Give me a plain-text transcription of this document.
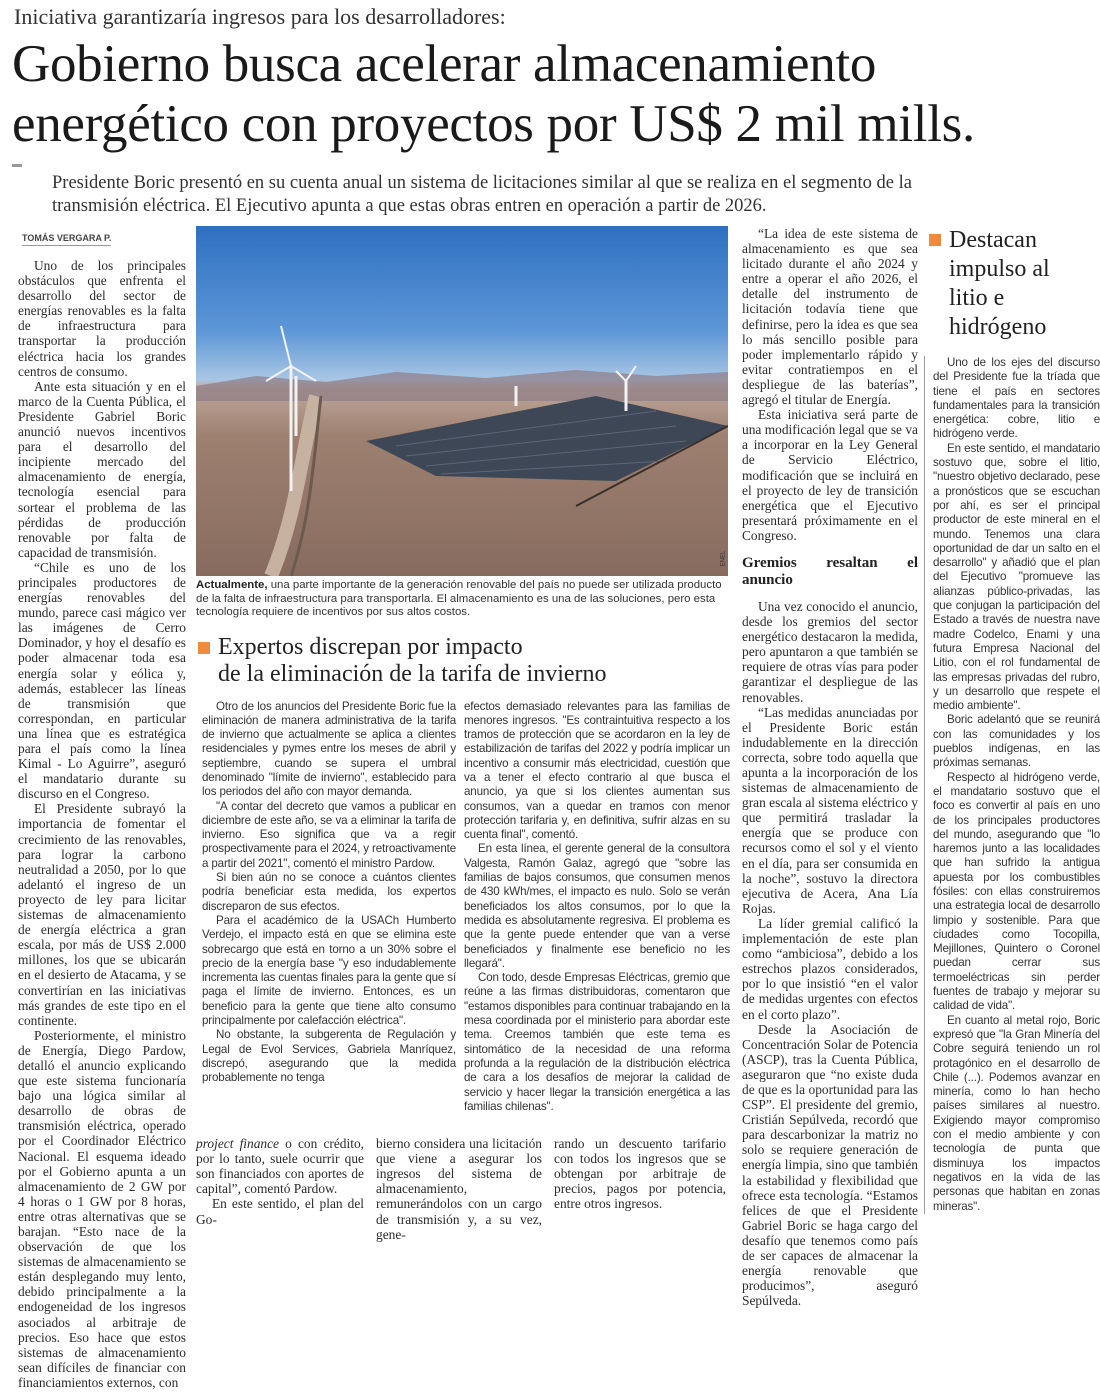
Iniciativa garantizaría ingresos para los desarrolladores:
Gobierno busca acelerar almacenamiento energético con proyectos por US$ 2 mil mills.
Presidente Boric presentó en su cuenta anual un sistema de licitaciones similar al que se realiza en el segmento de la transmisión eléctrica. El Ejecutivo apunta a que estas obras entren en operación a partir de 2026.
TOMÁS VERGARA P.

Uno de los principales obstáculos que enfrenta el desarrollo del sector de energías renovables es la falta de infraestructura para transportar la producción eléctrica hacia los grandes centros de consumo.

Ante esta situación y en el marco de la Cuenta Pública, el Presidente Gabriel Boric anunció nuevos incentivos para el desarrollo del incipiente mercado del almacenamiento de energía, tecnología esencial para sortear el problema de las pérdidas de producción renovable por falta de capacidad de transmisión.

“Chile es uno de los principales productores de energías renovables del mundo, parece casi mágico ver las imágenes de Cerro Dominador, y hoy el desafío es poder almacenar toda esa energía solar y eólica y, además, establecer las líneas de transmisión que correspondan, en particular una línea que es estratégica para el país como la línea Kimal - Lo Aguirre”, aseguró el mandatario durante su discurso en el Congreso.

El Presidente subrayó la importancia de fomentar el crecimiento de las renovables, para lograr la carbono neutralidad a 2050, por lo que adelantó el ingreso de un proyecto de ley para licitar sistemas de almacenamiento de energía eléctrica a gran escala, por más de US$ 2.000 millones, los que se ubicarán en el desierto de Atacama, y se convertirían en las iniciativas más grandes de este tipo en el continente.

Posteriormente, el ministro de Energía, Diego Pardow, detalló el anuncio explicando que este sistema funcionaría bajo una lógica similar al desarrollo de obras de transmisión eléctrica, operado por el Coordinador Eléctrico Nacional. El esquema ideado por el Gobierno apunta a un almacenamiento de 2 GW por 4 horas o 1 GW por 8 horas, entre otras alternativas que se barajan. “Esto nace de la observación de que los sistemas de almacenamiento se están desplegando muy lento, debido principalmente a la endogeneidad de los ingresos asociados al arbitraje de precios. Eso hace que estos sistemas de almacenamiento sean difíciles de financiar con financiamientos externos, con

ENEL
Actualmente, una parte importante de la generación renovable del país no puede ser utilizada producto de la falta de infraestructura para transportarla. El almacenamiento es una de las soluciones, pero esta tecnología requiere de incentivos por sus altos costos.
Expertos discrepan por impacto
de la eliminación de la tarifa de invierno

Otro de los anuncios del Presidente Boric fue la eliminación de manera administrativa de la tarifa de invierno que actualmente se aplica a clientes residenciales y pymes entre los meses de abril y septiembre, cuando se supera el umbral denominado "límite de invierno", establecido para los periodos del año con mayor demanda.

"A contar del decreto que vamos a publicar en diciembre de este año, se va a eliminar la tarifa de invierno. Eso significa que va a regir prospectivamente para el 2024, y retroactivamente a partir del 2021", comentó el ministro Pardow.

Si bien aún no se conoce a cuántos clientes podría beneficiar esta medida, los expertos discreparon de sus efectos.

Para el académico de la USACh Humberto Verdejo, el impacto está en que se elimina este sobrecargo que está en torno a un 30% sobre el precio de la energía base "y eso indudablemente incrementa las cuentas finales para la gente que sí paga el límite de invierno. Entonces, es un beneficio para la gente que tiene alto consumo principalmente por calefacción eléctrica".

No obstante, la subgerenta de Regulación y Legal de Evol Services, Gabriela Manríquez, discrepó, asegurando que la medida probablemente no tenga

efectos demasiado relevantes para las familias de menores ingresos. "Es contraintuitiva respecto a los tramos de protección que se acordaron en la ley de estabilización de tarifas del 2022 y podría implicar un incentivo a consumir más electricidad, cuestión que va a tener el efecto contrario al que busca el anuncio, ya que si los clientes aumentan sus consumos, van a quedar en tramos con menor protección tarifaria y, en definitiva, sufrir alzas en su cuenta final", comentó.

En esta línea, el gerente general de la consultora Valgesta, Ramón Galaz, agregó que "sobre las familias de bajos consumos, que consumen menos de 430 kWh/mes, el impacto es nulo. Solo se verán beneficiados los altos consumos, por lo que la medida es absolutamente regresiva. El problema es que la gente puede entender que van a verse beneficiados y finalmente ese beneficio no les llegará".

Con todo, desde Empresas Eléctricas, gremio que reúne a las firmas distribuidoras, comentaron que "estamos disponibles para continuar trabajando en la mesa coordinada por el ministerio para abordar este tema. Creemos también que este tema es sintomático de la necesidad de una reforma profunda a la regulación de la distribución eléctrica de cara a los desafíos de mejorar la calidad de servicio y hacer llegar la transición energética a las familias chilenas".

project finance o con crédito, por lo tanto, suele ocurrir que son financiados con aportes de capital”, comentó Pardow.

En este sentido, el plan del Go-

bierno considera una licitación que viene a asegurar los ingresos del sistema de almacenamiento, remunerándolos con un cargo de transmisión y, a su vez, gene-

rando un descuento tarifario con todos los ingresos que se obtengan por arbitraje de precios, pagos por potencia, entre otros ingresos.

“La idea de este sistema de almacenamiento es que sea licitado durante el año 2024 y entre a operar el año 2026, el detalle del instrumento de licitación todavía tiene que definirse, pero la idea es que sea lo más sencillo posible para poder implementarlo rápido y evitar contratiempos en el despliegue de las baterías”, agregó el titular de Energía.

Esta iniciativa será parte de una modificación legal que se va a incorporar en la Ley General de Servicio Eléctrico, modificación que se incluirá en el proyecto de ley de transición energética que el Ejecutivo presentará próximamente en el Congreso.

Gremios resaltan el anuncio

Una vez conocido el anuncio, desde los gremios del sector energético destacaron la medida, pero apuntaron a que también se requiere de otras vías para poder garantizar el despliegue de las renovables.

“Las medidas anunciadas por el Presidente Boric están indudablemente en la dirección correcta, sobre todo aquella que apunta a la incorporación de los sistemas de almacenamiento de gran escala al sistema eléctrico y que permitirá trasladar la energía que se produce con recursos como el sol y el viento en el día, para ser consumida en la noche”, sostuvo la directora ejecutiva de Acera, Ana Lía Rojas.

La líder gremial calificó la implementación de este plan como “ambiciosa”, debido a los estrechos plazos considerados, por lo que insistió “en el valor de medidas urgentes con efectos en el corto plazo”.

Desde la Asociación de Concentración Solar de Potencia (ASCP), tras la Cuenta Pública, aseguraron que “no existe duda de que es la oportunidad para las CSP”. El presidente del gremio, Cristián Sepúlveda, recordó que para descarbonizar la matriz no solo se requiere generación de energía limpia, sino que también la estabilidad y flexibilidad que ofrece esta tecnología. “Estamos felices de que el Presidente Gabriel Boric se haga cargo del desafío que tenemos como país de ser capaces de almacenar la energía renovable que producimos”, aseguró Sepúlveda.

Destacan impulso al litio e hidrógeno

Uno de los ejes del discurso del Presidente fue la tríada que tiene el país en sectores fundamentales para la transición energética: cobre, litio e hidrógeno verde.

En este sentido, el mandatario sostuvo que, sobre el litio, "nuestro objetivo declarado, pese a pronósticos que se escuchan por ahí, es ser el principal productor de este mineral en el mundo. Tenemos una clara oportunidad de dar un salto en el desarrollo" y añadió que el plan del Ejecutivo "promueve las alianzas público-privadas, las que conjugan la participación del Estado a través de nuestra nave madre Codelco, Enami y una futura Empresa Nacional del Litio, con el rol fundamental de las empresas privadas del rubro, y un desarrollo que respete el medio ambiente".

Boric adelantó que se reunirá con las comunidades y los pueblos indígenas, en las próximas semanas.

Respecto al hidrógeno verde, el mandatario sostuvo que el foco es convertir al país en uno de los principales productores del mundo, asegurando que "lo haremos junto a las localidades que han sufrido la antigua apuesta por los combustibles fósiles: con ellas construiremos una estrategia local de desarrollo limpio y sostenible. Para que ciudades como Tocopilla, Mejillones, Quintero o Coronel puedan cerrar sus termoeléctricas sin perder fuentes de trabajo y mejorar su calidad de vida".

En cuanto al metal rojo, Boric expresó que "la Gran Minería del Cobre seguirá teniendo un rol protagónico en el desarrollo de Chile (...). Podemos avanzar en minería, como lo han hecho países similares al nuestro. Exigiendo mayor compromiso con el medio ambiente y con tecnología de punta que disminuya los impactos negativos en la vida de las personas que habitan en zonas mineras".
